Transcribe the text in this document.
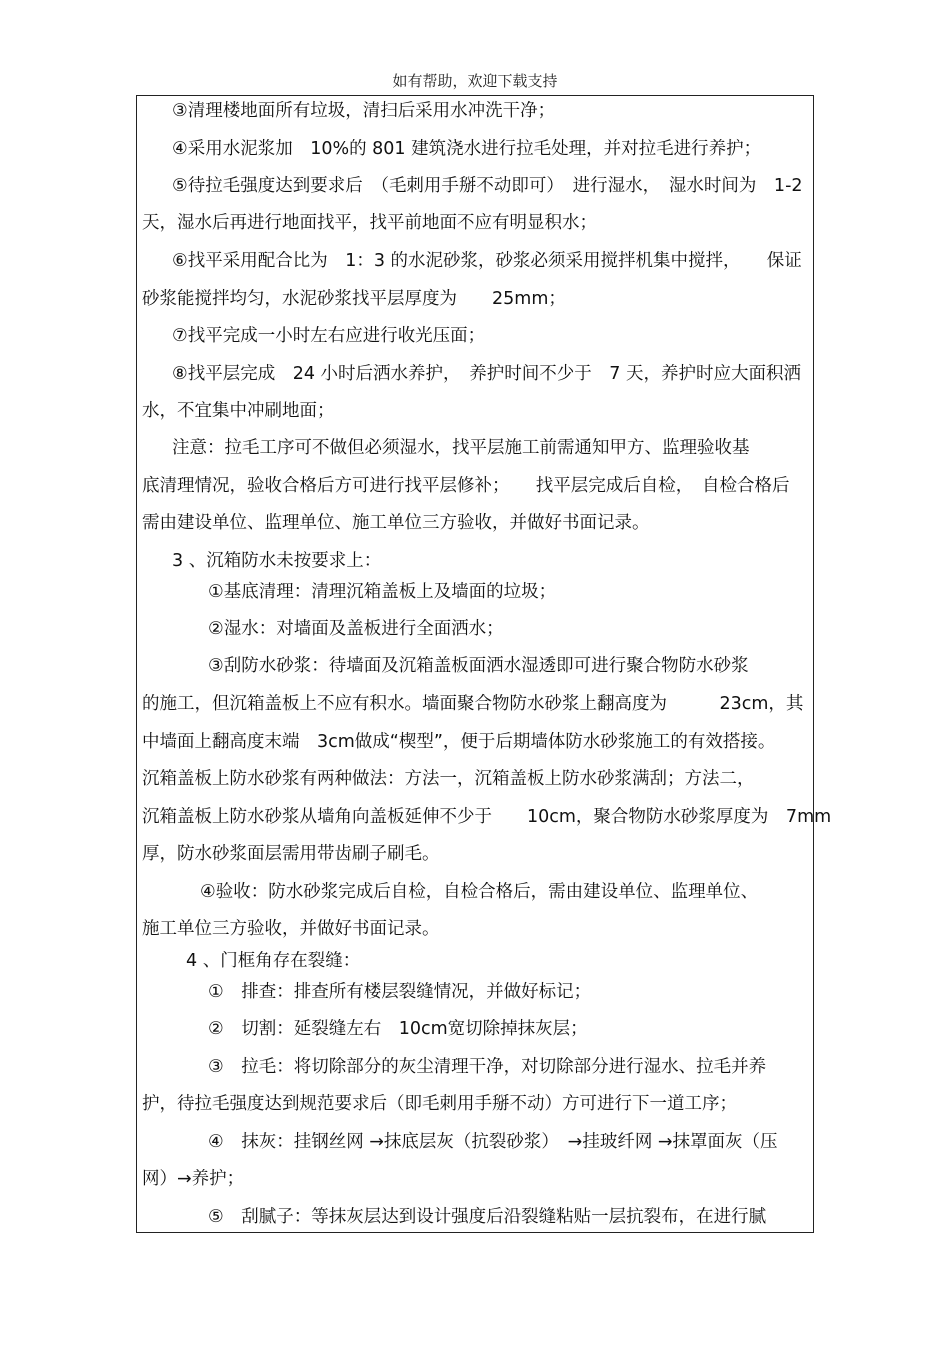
如有帮助，欢迎下载支持
③清理楼地面所有垃圾，清扫后采用水冲洗干净；
④采用水泥浆加　10%的 801 建筑浇水进行拉毛处理，并对拉毛进行养护；
⑤待拉毛强度达到要求后　（毛刺用手掰不动即可）　进行湿水，　湿水时间为　1-2
天，湿水后再进行地面找平，找平前地面不应有明显积水；
⑥找平采用配合比为　1：3 的水泥砂浆，砂浆必须采用搅拌机集中搅拌，　　保证
砂浆能搅拌均匀，水泥砂浆找平层厚度为　　25mm；
⑦找平完成一小时左右应进行收光压面；
⑧找平层完成　24 小时后洒水养护，　养护时间不少于　7 天，养护时应大面积洒
水，不宜集中冲刷地面；
注意：拉毛工序可不做但必须湿水，找平层施工前需通知甲方、监理验收基
底清理情况，验收合格后方可进行找平层修补；　　找平层完成后自检，　自检合格后
需由建设单位、监理单位、施工单位三方验收，并做好书面记录。
3 、沉箱防水未按要求上：
①基底清理：清理沉箱盖板上及墙面的垃圾；
②湿水：对墙面及盖板进行全面洒水；
③刮防水砂浆：待墙面及沉箱盖板面洒水湿透即可进行聚合物防水砂浆
的施工，但沉箱盖板上不应有积水。墙面聚合物防水砂浆上翻高度为　　　23cm，其
中墙面上翻高度末端　3cm做成“楔型”，便于后期墙体防水砂浆施工的有效搭接。
沉箱盖板上防水砂浆有两种做法：方法一，沉箱盖板上防水砂浆满刮；方法二，
沉箱盖板上防水砂浆从墙角向盖板延伸不少于　　10cm，聚合物防水砂浆厚度为　7mm
厚，防水砂浆面层需用带齿刷子刷毛。
④验收：防水砂浆完成后自检，自检合格后，需由建设单位、监理单位、
施工单位三方验收，并做好书面记录。
4 、门框角存在裂缝：
①　排查：排查所有楼层裂缝情况，并做好标记；
②　切割：延裂缝左右　10cm宽切除掉抹灰层；
③　拉毛：将切除部分的灰尘清理干净，对切除部分进行湿水、拉毛并养
护，待拉毛强度达到规范要求后（即毛刺用手掰不动）方可进行下一道工序；
④　抹灰：挂钢丝网 →抹底层灰（抗裂砂浆）　→挂玻纤网 →抹罩面灰（压
网）→养护；
⑤　刮腻子：等抹灰层达到设计强度后沿裂缝粘贴一层抗裂布，在进行腻
